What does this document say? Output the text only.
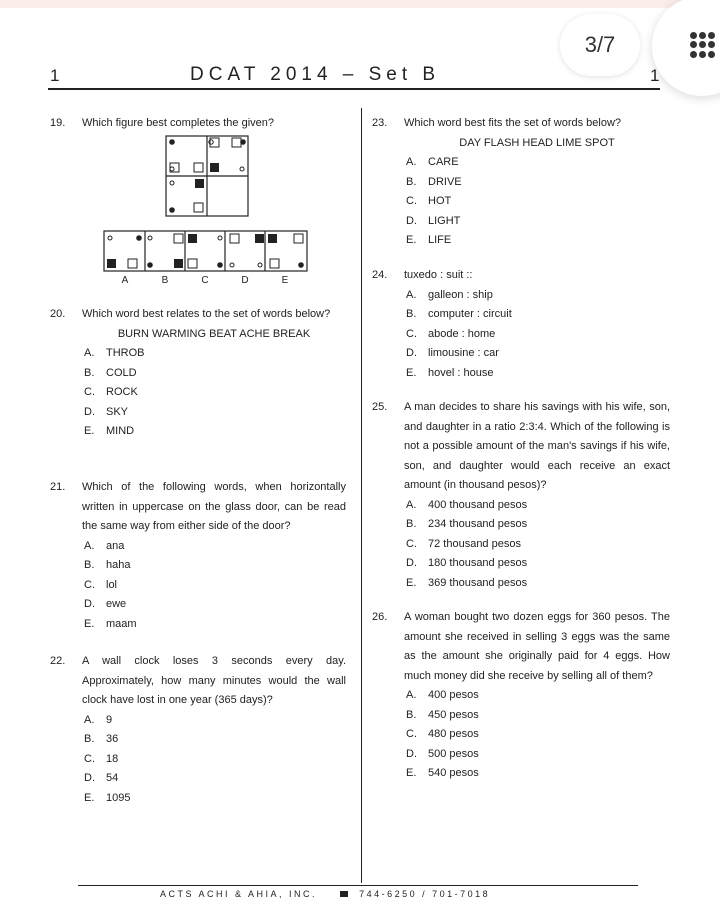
3/7
1	DCAT 2014 – Set B	1
19. Which figure best completes the given?
A	B	C	D	E
20. Which word best relates to the set of words below?
BURN WARMING BEAT ACHE BREAK
A.	THROB
B.	COLD
C.	ROCK
D.	SKY
E.	MIND
21. Which of the following words, when horizontally written in uppercase on the glass door, can be read the same way from either side of the door?
A.	ana
B.	haha
C.	lol
D.	ewe
E.	maam
22. A wall clock loses 3 seconds every day. Approximately, how many minutes would the wall clock have lost in one year (365 days)?
A.	9
B.	36
C.	18
D.	54
E.	1095
23. Which word best fits the set of words below?
DAY FLASH HEAD LIME SPOT
A.	CARE
B.	DRIVE
C.	HOT
D.	LIGHT
E.	LIFE
24. tuxedo : suit ::
A.	galleon : ship
B.	computer : circuit
C.	abode : home
D.	limousine : car
E.	hovel : house
25. A man decides to share his savings with his wife, son, and daughter in a ratio 2:3:4. Which of the following is not a possible amount of the man's savings if his wife, son, and daughter would each receive an exact amount (in thousand pesos)?
A.	400 thousand pesos
B.	234 thousand pesos
C.	72 thousand pesos
D.	180 thousand pesos
E.	369 thousand pesos
26. A woman bought two dozen eggs for 360 pesos. The amount she received in selling 3 eggs was the same as the amount she originally paid for 4 eggs. How much money did she receive by selling all of them?
A.	400 pesos
B.	450 pesos
C.	480 pesos
D.	500 pesos
E.	540 pesos
ACTS ACHI & AHIA, INC.	744-6250 / 701-7018
